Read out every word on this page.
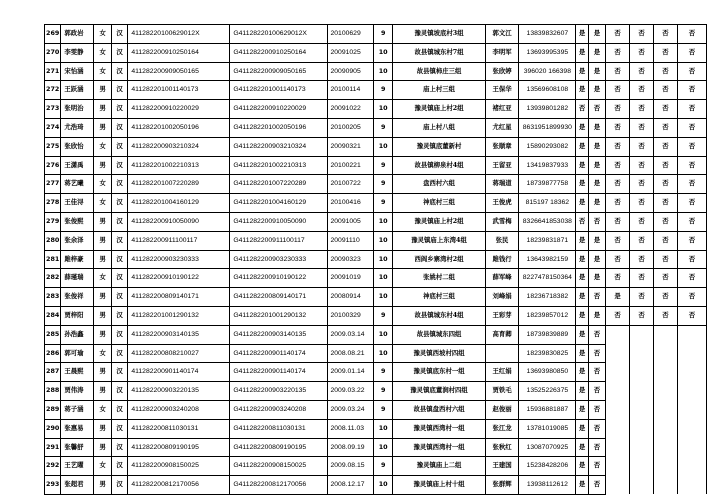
269	郭政岩	女	汉	41128220100629012X	G41128220100629012X	20100629	9	豫灵镇坡底村3组	郭文江	13839832607	是	是	否	否	否	否
270	李雯静	女	汉	411282200910250164	G411282200910250164	20091025	10	故县镇城东村7组	李明军	13693995395	是	是	否	否	否	否
271	宋怡涵	女	汉	411282200909050165	G411282200909050165	20090905	10	故县镇柿庄三组	张欣婷	396020 166398	是	是	否	否	否	否
272	王跃涵	男	汉	411282201001140173	G411282201001140173	20100114	9	庙上村三组	王保华	13569608108	是	是	否	否	否	否
273	张明治	男	汉	411282200910220029	G411282200910220029	20091022	10	豫灵镇庙上村2组	褚红亚	13939801282	否	否	否	否	否	否
274	尤浩琦	男	汉	411282201002050196	G411282201002050196	20100205	9	庙上村八组	尤红星	8631951899930	是	是	否	否	否	否
275	张欣怡	女	汉	411282200903210324	G411282200903210324	20090321	10	豫灵镇底董新村	张顺章	15890293082	是	是	否	否	否	否
276	王潇禹	男	汉	411282201002210313	G411282201002210313	20100221	9	故县镇柳泉村4组	王留亚	13419837933	是	是	否	否	否	否
277	蒋艺曦	女	汉	411282201007220289	G411282201007220289	20100722	9	盘西村六组	蒋瑞道	18739877758	是	是	否	否	否	否
278	王佳浔	女	汉	411282201004160129	G411282201004160129	20100416	9	神底村三组	王俊虎	815197 18362	是	是	否	否	否	否
279	张俊熙	男	汉	411282200910050090	G411282200910050090	20091005	10	豫灵镇庙上村2组	武雪梅	8326641853038	否	否	否	否	否	否
280	张余泽	男	汉	411282200911100117	G411282200911100117	20091110	10	豫灵镇庙上东湾4组	张民	18239831871	是	是	否	否	否	否
281	雎梓豪	男	汉	411282200903230333	G411282200903230333	20090323	10	西阎乡寨湾村2组	雎钱行	13643982159	是	是	否	否	否	否
282	薛瑾瑞	女	汉	411282200910190122	G411282200910190122	20091019	10	张姚村二组	薛军峰	8227478150364	是	是	否	否	否	否
283	张俊祥	男	汉	411282200809140171	G411282200809140171	20080914	10	神底村三组	刘峰娟	18236718382	是	否	是	否	否	否
284	贾梓阳	男	汉	411282201001290132	G411282201001290132	20100329	9	故县镇城东村4组	王彩芽	18239857012	是	是	否	否	否	否
285	孙浩鑫	男	汉	411282200903140135	G411282200903140135	2009.03.14	10	故县镇城东四组	高育卿	18739839889	是	否				
286	郭可瑜	女	汉	411282200808210027	G411282200901140174	2008.08.21	10	豫灵镇西坡村四组		18239830825	是	否				
287	王晨熙	男	汉	411282200901140174	G411282200901140174	2009.01.14	9	豫灵镇底东村一组	王红娟	13693980850	是	否				
288	贾伟涛	男	汉	411282200903220135	G411282200903220135	2009.03.22	9	豫灵镇底董涧村四组	贾铁毛	13525226375	是	否				
289	蒋子涵	女	汉	411282200903240208	G411282200903240208	2009.03.24	9	故县镇盘西村六组	赵俊丽	15936881887	是	否				
290	张惠易	男	汉	411282200811030131	G411282200811030131	2008.11.03	10	豫灵镇西湾村一组	张江龙	13781019085	是	否				
291	张馨舒	男	汉	411282200809190195	G411282200809190195	2008.09.19	10	豫灵镇西湾村一组	张秋红	13087070925	是	否				
292	王艺曜	女	汉	411282200908150025	G411282200908150025	2009.08.15	9	豫灵镇庙上二组	王建国	15238428206	是	否				
293	张超君	男	汉	411282200812170056	G411282200812170056	2008.12.17	10	豫灵镇庙上村十组	张群辉	13938112612	是	否				
